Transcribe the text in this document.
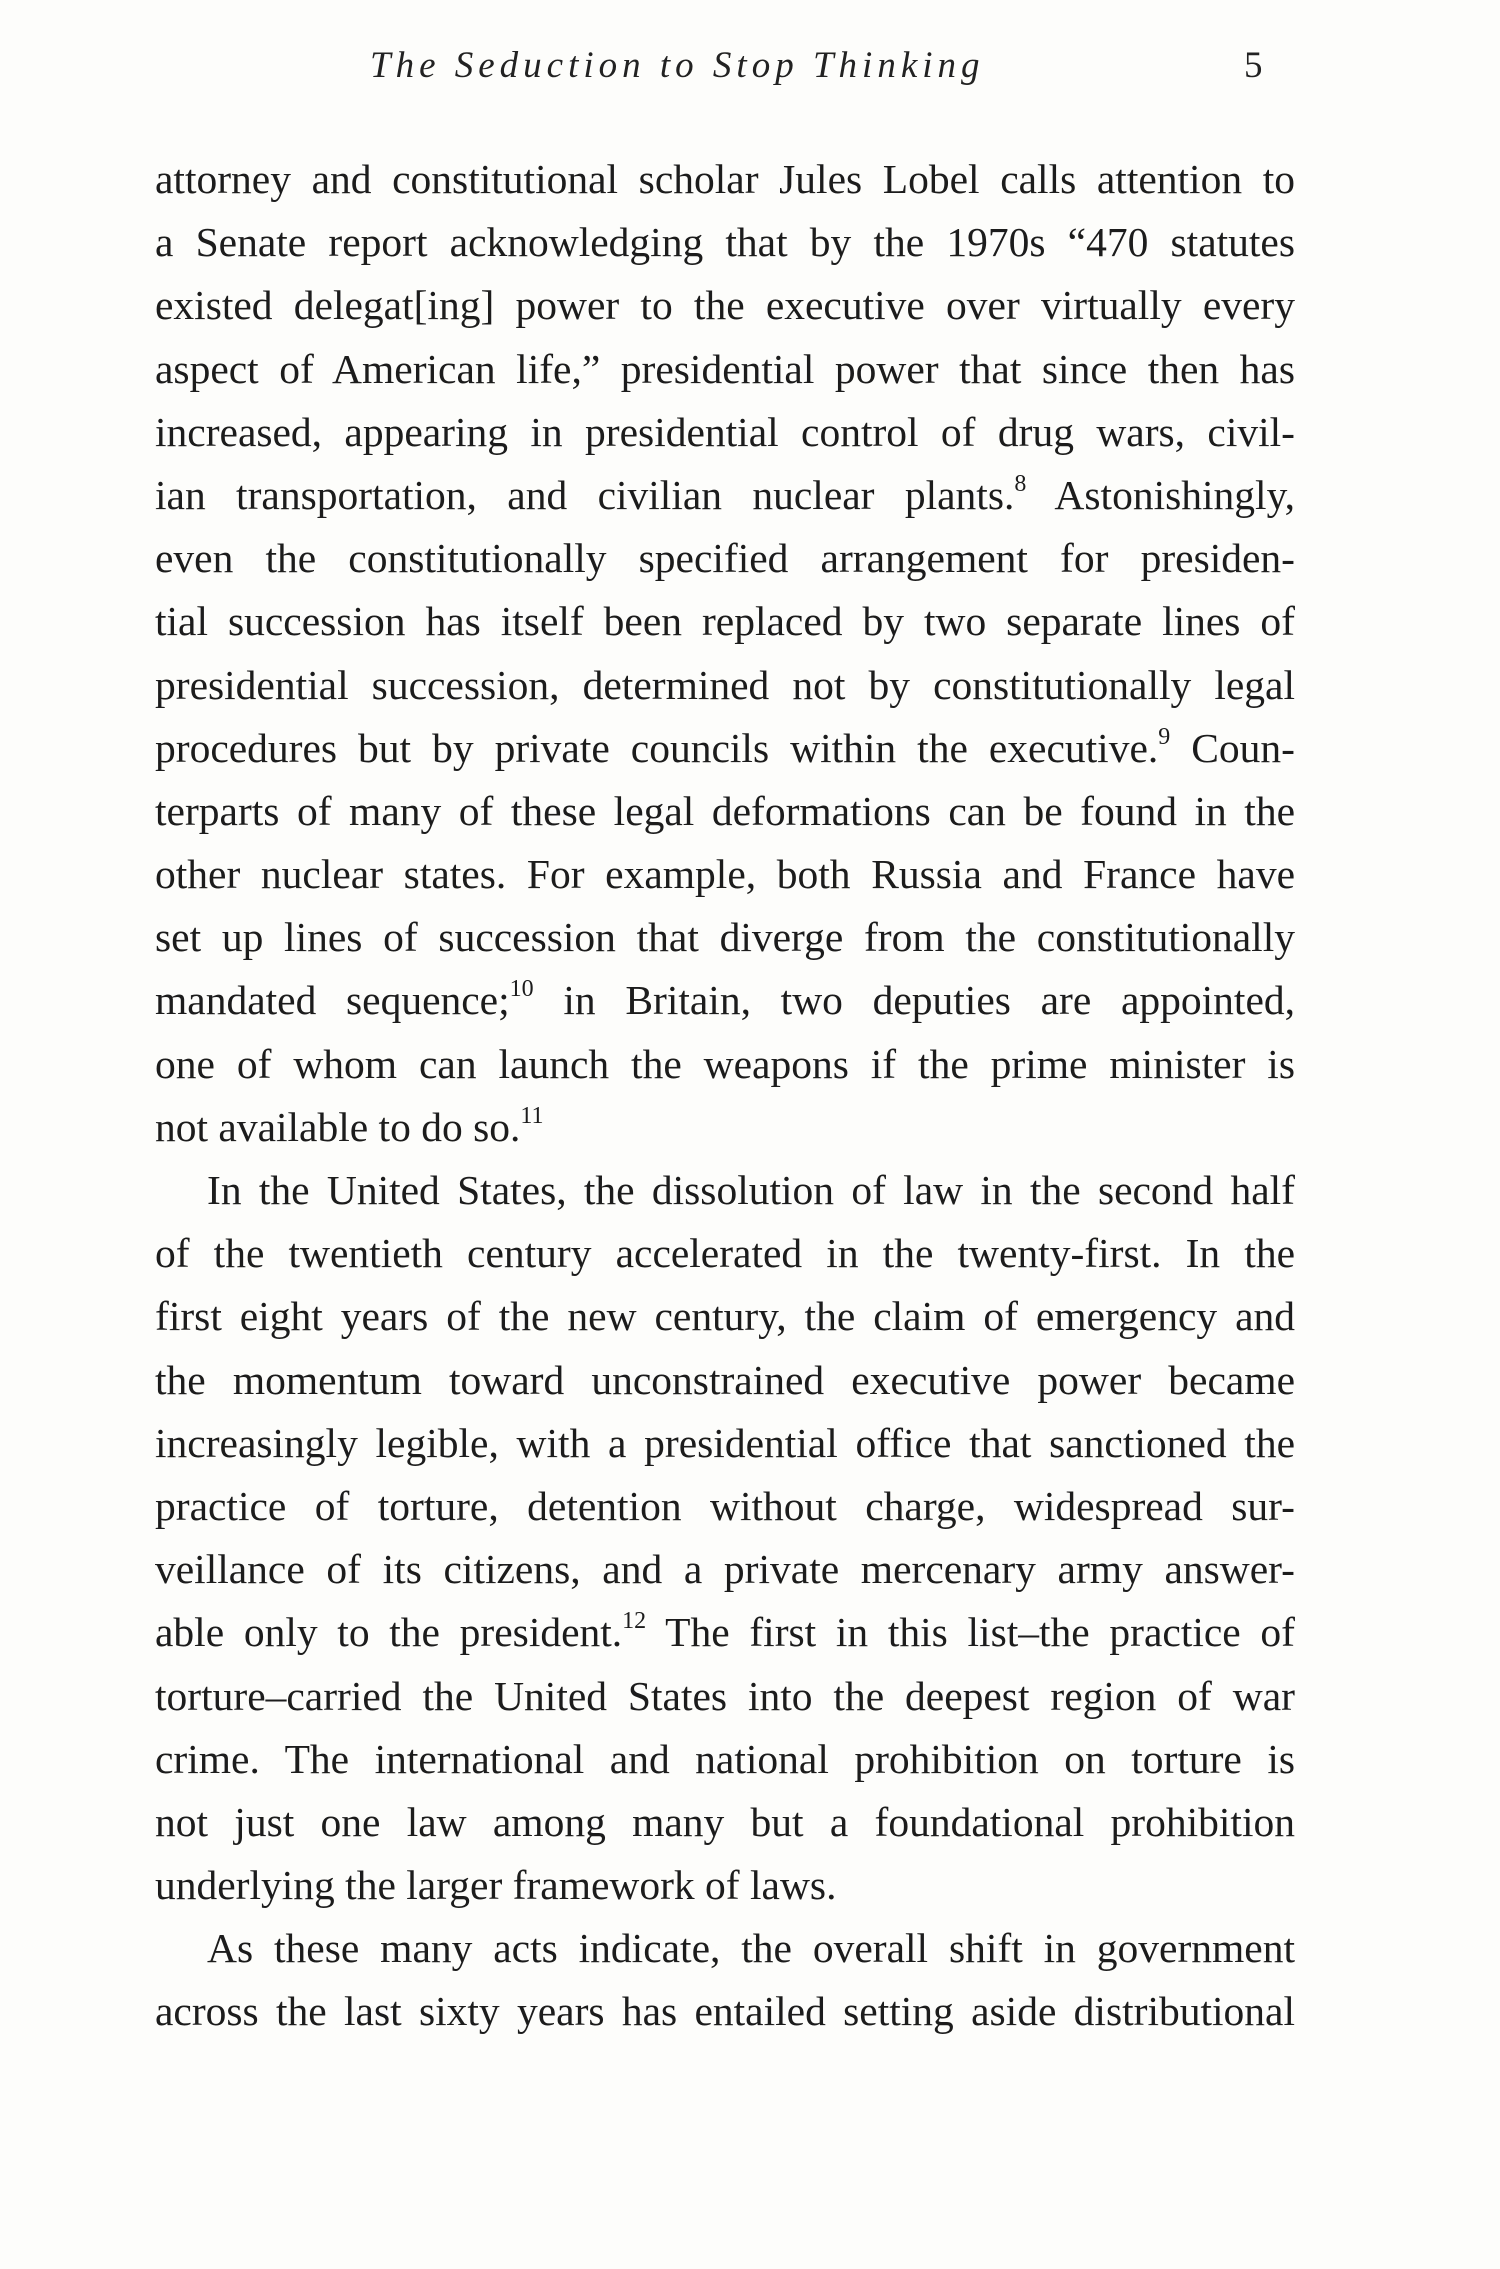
The Seduction to Stop Thinking	5
attorney and constitutional scholar Jules Lobel calls attention to
a Senate report acknowledging that by the 1970s “470 statutes
existed delegat[ing] power to the executive over virtually every
aspect of American life,” presidential power that since then has
increased, appearing in presidential control of drug wars, civil-
ian transportation, and civilian nuclear plants.$^8$ Astonishingly,
even the constitutionally specified arrangement for presiden-
tial succession has itself been replaced by two separate lines of
presidential succession, determined not by constitutionally legal
procedures but by private councils within the executive.$^9$ Coun-
terparts of many of these legal deformations can be found in the
other nuclear states. For example, both Russia and France have
set up lines of succession that diverge from the constitutionally
mandated sequence;$^{10}$ in Britain, two deputies are appointed,
one of whom can launch the weapons if the prime minister is
not available to do so.$^{11}$
In the United States, the dissolution of law in the second half
of the twentieth century accelerated in the twenty-first. In the
first eight years of the new century, the claim of emergency and
the momentum toward unconstrained executive power became
increasingly legible, with a presidential office that sanctioned the
practice of torture, detention without charge, widespread sur-
veillance of its citizens, and a private mercenary army answer-
able only to the president.$^{12}$ The first in this list–the practice of
torture–carried the United States into the deepest region of war
crime. The international and national prohibition on torture is
not just one law among many but a foundational prohibition
underlying the larger framework of laws.
As these many acts indicate, the overall shift in government
across the last sixty years has entailed setting aside distributional
